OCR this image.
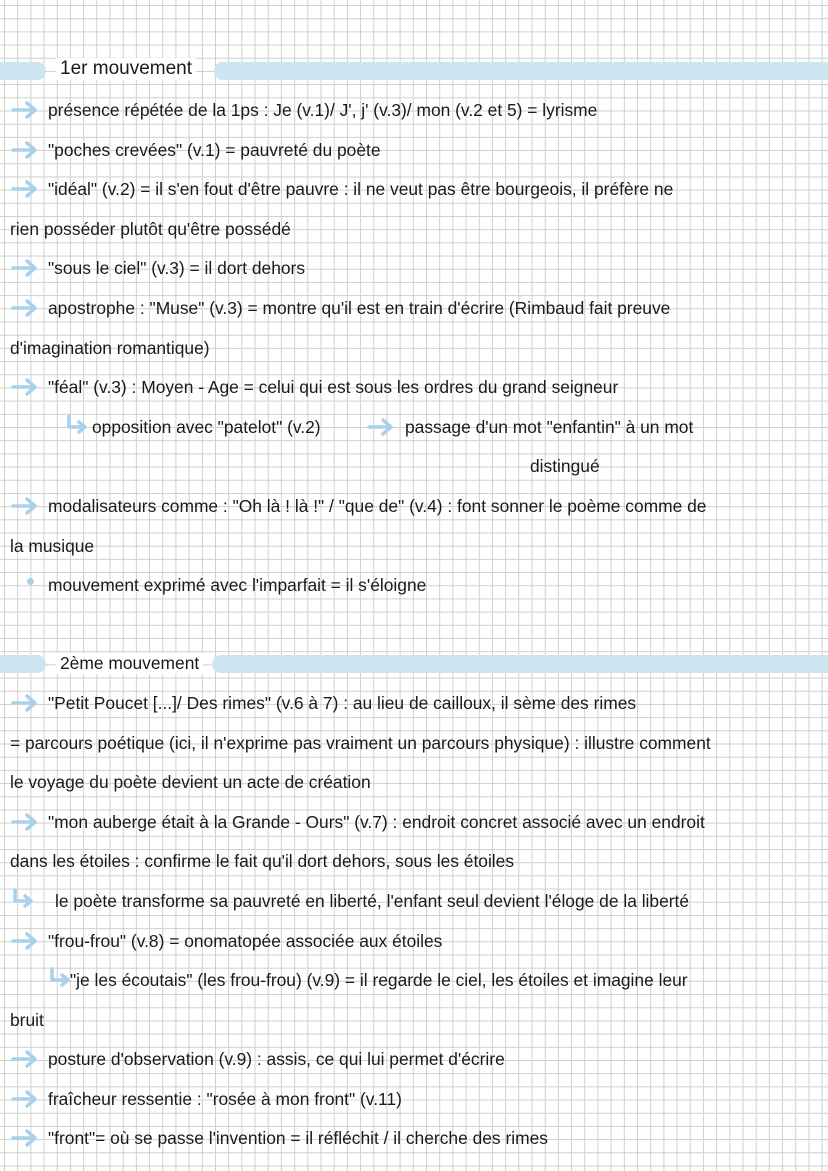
1er mouvement
présence répétée de la 1ps : Je (v.1)/ J', j' (v.3)/ mon (v.2 et 5) = lyrisme
"poches crevées" (v.1) = pauvreté du poète
"idéal" (v.2) = il s'en fout d'être pauvre : il ne veut pas être bourgeois, il préfère ne
rien posséder plutôt qu'être possédé
"sous le ciel" (v.3) = il dort dehors
apostrophe : "Muse" (v.3) = montre qu'il est en train d'écrire (Rimbaud fait preuve
d'imagination romantique)
"féal" (v.3) : Moyen - Age = celui qui est sous les ordres du grand seigneur
opposition avec "patelot" (v.2)	passage d'un mot "enfantin" à un mot
distingué
modalisateurs comme : "Oh là ! là !" / "que de" (v.4) : font sonner le poème comme de
la musique
mouvement exprimé avec l'imparfait = il s'éloigne
2ème mouvement
"Petit Poucet [...]/ Des rimes" (v.6 à 7) : au lieu de cailloux, il sème des rimes
= parcours poétique (ici, il n'exprime pas vraiment un parcours physique) : illustre comment
le voyage du poète devient un acte de création
"mon auberge était à la Grande - Ours" (v.7) : endroit concret associé avec un endroit
dans les étoiles : confirme le fait qu'il dort dehors, sous les étoiles
le poète transforme sa pauvreté en liberté, l'enfant seul devient l'éloge de la liberté
"frou-frou" (v.8) = onomatopée associée aux étoiles
"je les écoutais" (les frou-frou) (v.9) = il regarde le ciel, les étoiles et imagine leur
bruit
posture d'observation (v.9) : assis, ce qui lui permet d'écrire
fraîcheur ressentie : "rosée à mon front" (v.11)
"front"= où se passe l'invention = il réfléchit / il cherche des rimes
